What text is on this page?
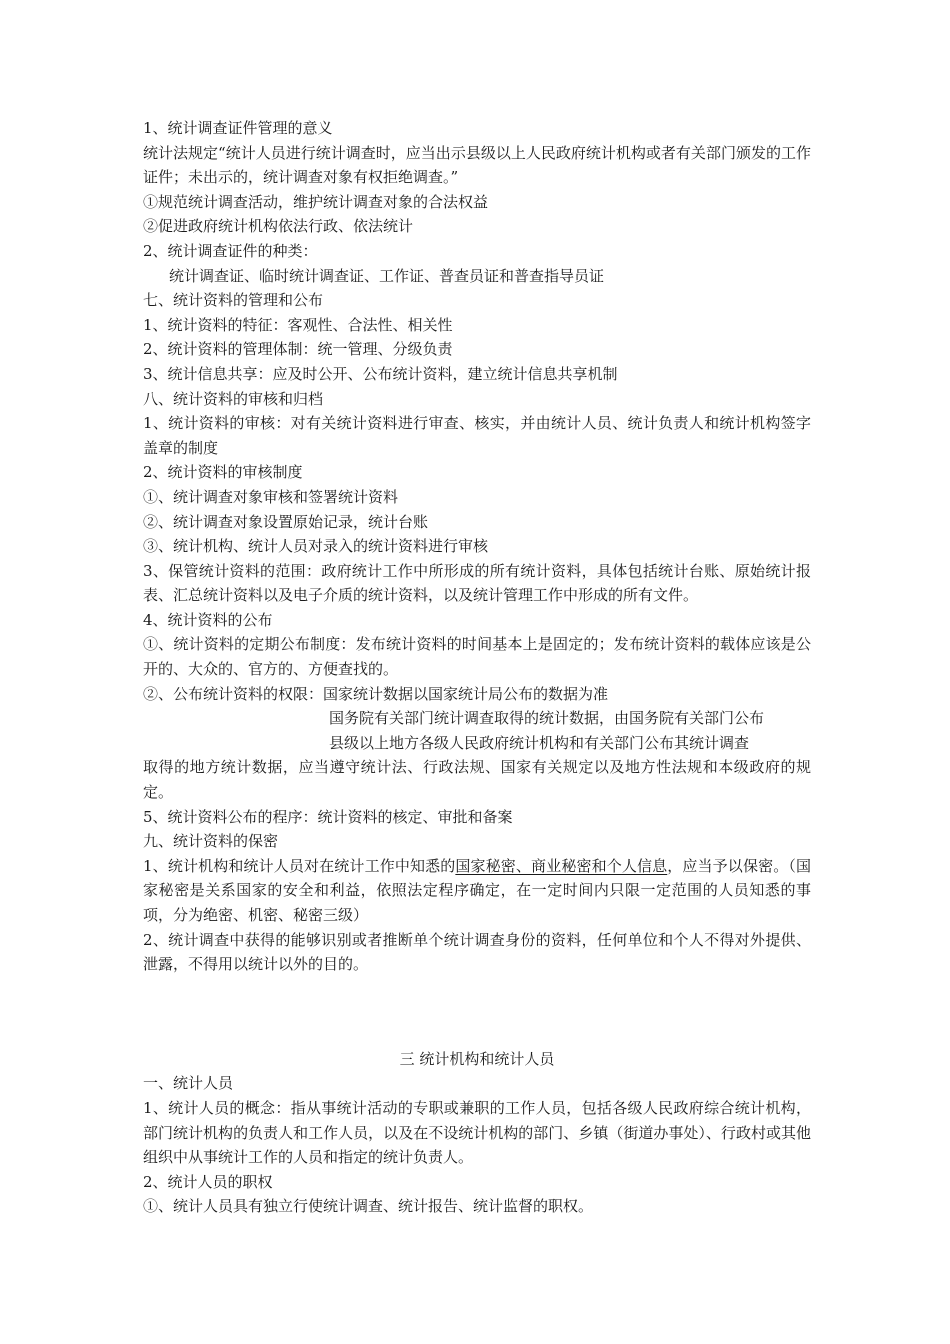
1、统计调查证件管理的意义

统计法规定“统计人员进行统计调查时，应当出示县级以上人民政府统计机构或者有关部门颁发的工作证件；未出示的，统计调查对象有权拒绝调查。”

①规范统计调查活动，维护统计调查对象的合法权益

②促进政府统计机构依法行政、依法统计

2、统计调查证件的种类：

统计调查证、临时统计调查证、工作证、普查员证和普查指导员证

七、统计资料的管理和公布

1、统计资料的特征：客观性、合法性、相关性

2、统计资料的管理体制：统一管理、分级负责

3、统计信息共享：应及时公开、公布统计资料，建立统计信息共享机制

八、统计资料的审核和归档

1、统计资料的审核：对有关统计资料进行审查、核实，并由统计人员、统计负责人和统计机构签字盖章的制度

2、统计资料的审核制度

①、统计调查对象审核和签署统计资料

②、统计调查对象设置原始记录，统计台账

③、统计机构、统计人员对录入的统计资料进行审核

3、保管统计资料的范围：政府统计工作中所形成的所有统计资料，具体包括统计台账、原始统计报表、汇总统计资料以及电子介质的统计资料，以及统计管理工作中形成的所有文件。

4、统计资料的公布

①、统计资料的定期公布制度：发布统计资料的时间基本上是固定的；发布统计资料的载体应该是公开的、大众的、官方的、方便查找的。

②、公布统计资料的权限：国家统计数据以国家统计局公布的数据为准

国务院有关部门统计调查取得的统计数据，由国务院有关部门公布

县级以上地方各级人民政府统计机构和有关部门公布其统计调查

取得的地方统计数据，应当遵守统计法、行政法规、国家有关规定以及地方性法规和本级政府的规定。

5、统计资料公布的程序：统计资料的核定、审批和备案

九、统计资料的保密

1、统计机构和统计人员对在统计工作中知悉的国家秘密、商业秘密和个人信息，应当予以保密。（国家秘密是关系国家的安全和利益，依照法定程序确定，在一定时间内只限一定范围的人员知悉的事项，分为绝密、机密、秘密三级）

2、统计调查中获得的能够识别或者推断单个统计调查身份的资料，任何单位和个人不得对外提供、泄露，不得用以统计以外的目的。

三 统计机构和统计人员

一、统计人员

1、统计人员的概念：指从事统计活动的专职或兼职的工作人员，包括各级人民政府综合统计机构，部门统计机构的负责人和工作人员，以及在不设统计机构的部门、乡镇（街道办事处）、行政村或其他组织中从事统计工作的人员和指定的统计负责人。

2、统计人员的职权

①、统计人员具有独立行使统计调查、统计报告、统计监督的职权。
